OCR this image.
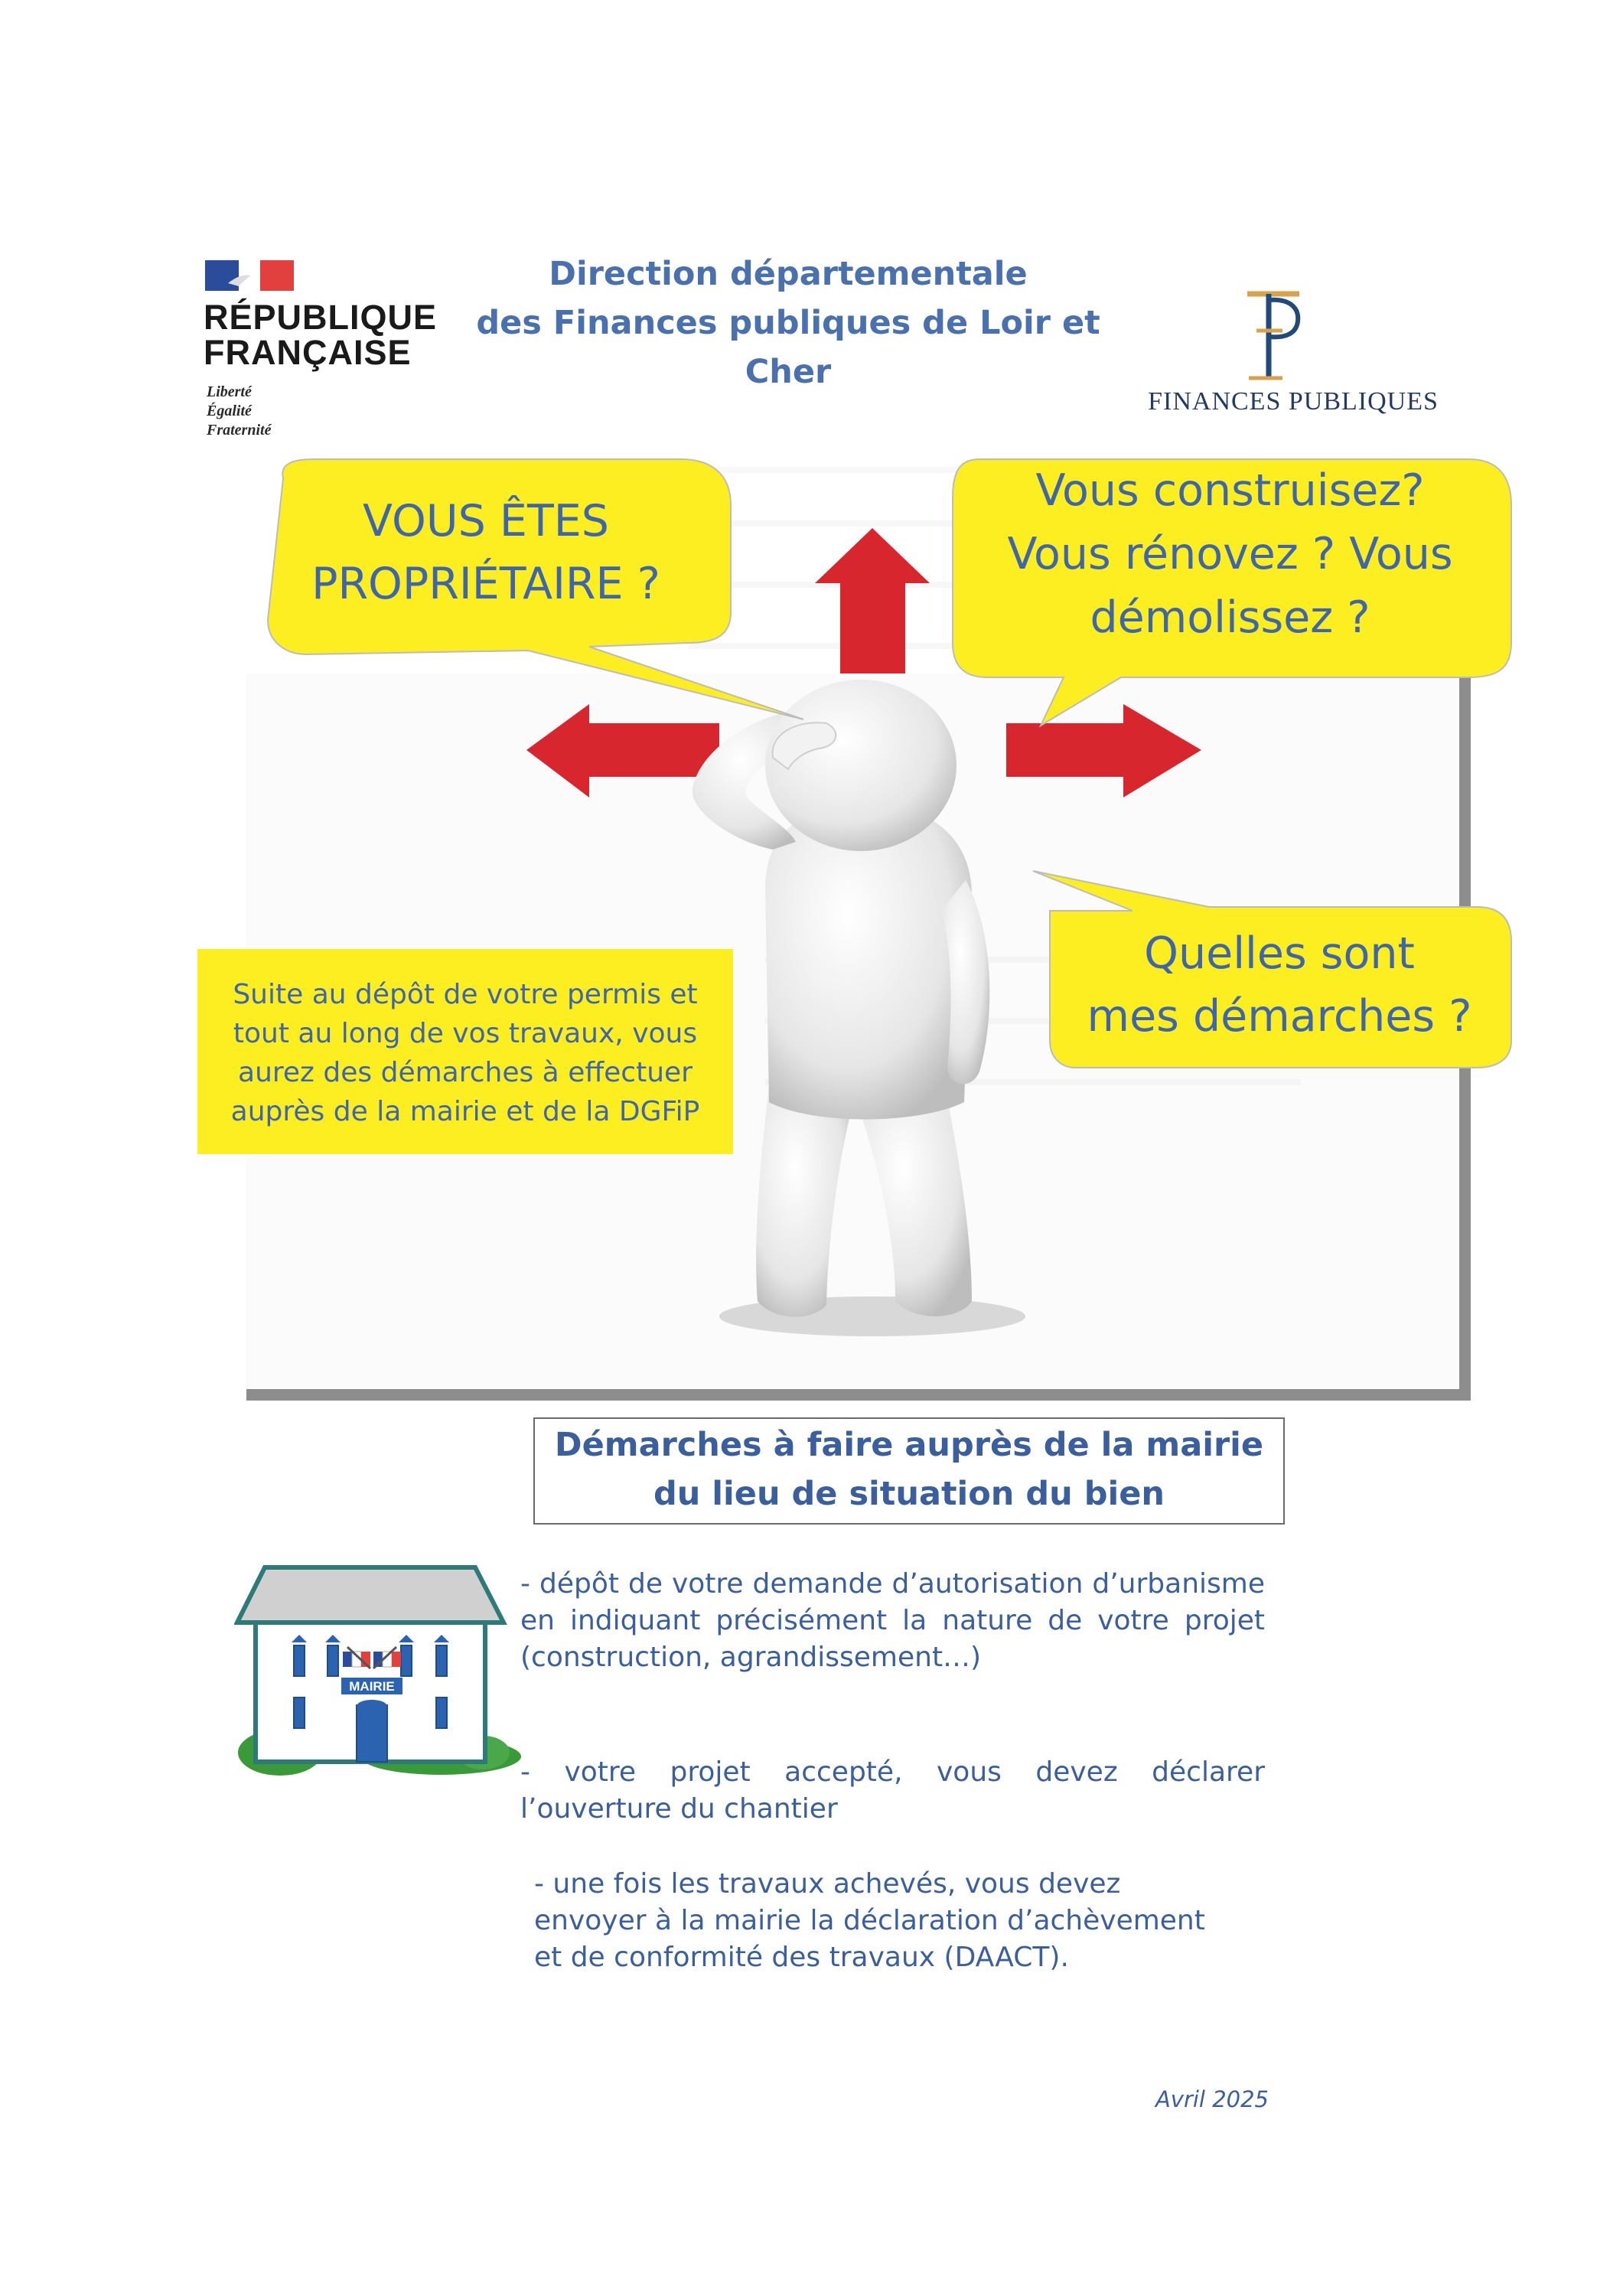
RÉPUBLIQUE
FRANÇAISE
Liberté
Égalité
Fraternité
Direction départementale
des Finances publiques de Loir et Cher
FINANCES PUBLIQUES
VOUS ÊTES
PROPRIÉTAIRE ?
Vous construisez?
Vous rénovez ? Vous
démolissez ?
Quelles sont
mes démarches ?
Suite au dépôt de votre permis et
tout au long de vos travaux, vous
aurez des démarches à effectuer
auprès de la mairie et de la DGFiP
Démarches à faire auprès de la mairie
du lieu de situation du bien
MAIRIE
- dépôt de votre demande d’autorisation d’urbanisme en indiquant précisément la nature de votre projet (construction, agrandissement…)
- votre projet accepté, vous devez déclarer l’ouverture du chantier
- une fois les travaux achevés, vous devez envoyer à la mairie la déclaration d’achèvement et de conformité des travaux (DAACT).
Avril 2025
